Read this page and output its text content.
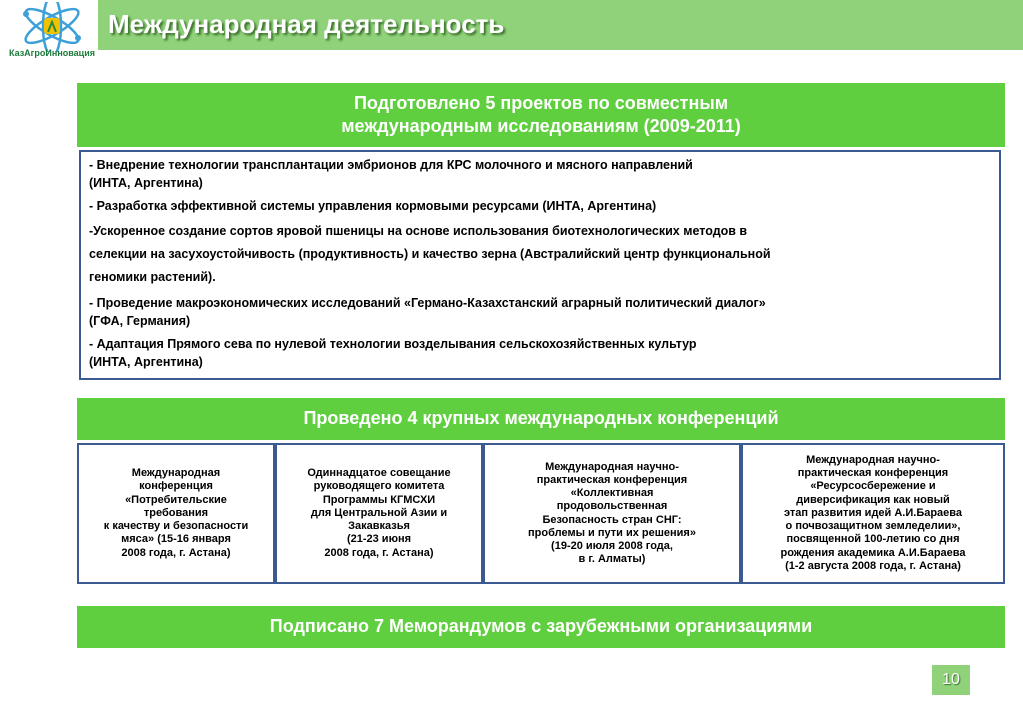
КазАгроИнновация
Международная деятельность
Подготовлено 5 проектов по совместным
международным исследованиям (2009-2011)

- Внедрение технологии трансплантации эмбрионов для КРС молочного и мясного направлений
(ИНТА, Аргентина)

- Разработка эффективной системы управления кормовыми ресурсами (ИНТА, Аргентина)

-Ускоренное создание сортов яровой пшеницы на основе использования биотехнологических методов в
селекции на засухоустойчивость (продуктивность) и качество зерна (Австралийский центр функциональной
геномики растений).

- Проведение макроэкономических исследований «Германо-Казахстанский аграрный политический диалог»
(ГФА, Германия)

- Адаптация Прямого сева по нулевой технологии возделывания сельскохозяйственных культур
(ИНТА, Аргентина)

Проведено 4 крупных международных конференций
Международная
конференция
«Потребительские
требования
к качеству и безопасности
мяса» (15-16 января
2008 года, г. Астана)
Одиннадцатое совещание
руководящего комитета
Программы КГМСХИ
для Центральной Азии и
Закавказья
(21-23 июня
2008 года, г. Астана)
Международная научно-
практическая конференция
«Коллективная
продовольственная
Безопасность стран СНГ:
проблемы и пути их решения»
(19-20 июля 2008 года,
в г. Алматы)
Международная научно-
практическая конференция
«Ресурсосбережение и
диверсификация как новый
этап развития идей А.И.Бараева
о почвозащитном земледелии»,
посвященной 100-летию со дня
рождения академика А.И.Бараева
(1-2 августа 2008 года, г. Астана)
Подписано 7 Меморандумов с зарубежными организациями
10
